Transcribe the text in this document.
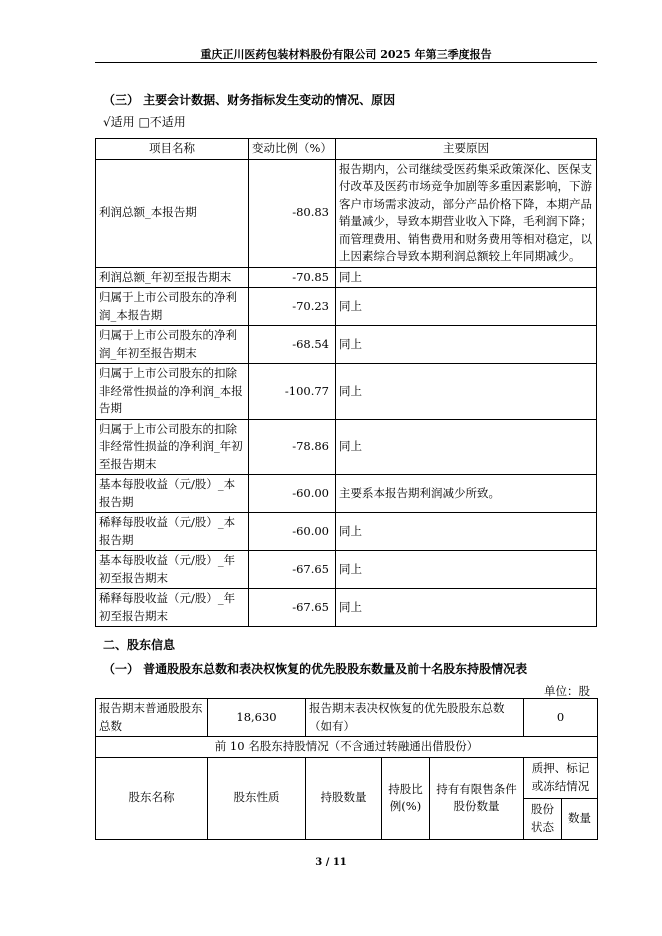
重庆正川医药包装材料股份有限公司 2025 年第三季度报告
（三） 主要会计数据、财务指标发生变动的情况、原因
√适用 □不适用
项目名称	变动比例（%）	主要原因
利润总额_本报告期	-80.83	报告期内，公司继续受医药集采政策深化、医保支付改革及医药市场竞争加剧等多重因素影响，下游客户市场需求波动，部分产品价格下降，本期产品销量减少，导致本期营业收入下降，毛利润下降；而管理费用、销售费用和财务费用等相对稳定，以上因素综合导致本期利润总额较上年同期减少。
利润总额_年初至报告期末	-70.85	同上
归属于上市公司股东的净利润_本报告期	-70.23	同上
归属于上市公司股东的净利润_年初至报告期末	-68.54	同上
归属于上市公司股东的扣除非经常性损益的净利润_本报告期	-100.77	同上
归属于上市公司股东的扣除非经常性损益的净利润_年初至报告期末	-78.86	同上
基本每股收益（元/股）_本报告期	-60.00	主要系本报告期利润减少所致。
稀释每股收益（元/股）_本报告期	-60.00	同上
基本每股收益（元/股）_年初至报告期末	-67.65	同上
稀释每股收益（元/股）_年初至报告期末	-67.65	同上
二、股东信息
（一） 普通股股东总数和表决权恢复的优先股股东数量及前十名股东持股情况表
单位：股
报告期末普通股股东总数	18,630	报告期末表决权恢复的优先股股东总数（如有）			0	
前 10 名股东持股情况（不含通过转融通出借股份）						
股东名称	股东性质	持股数量	持股比例(%)	持有有限售条件股份数量	质押、标记或冻结情况	
					股份状态	数量
3 / 11
